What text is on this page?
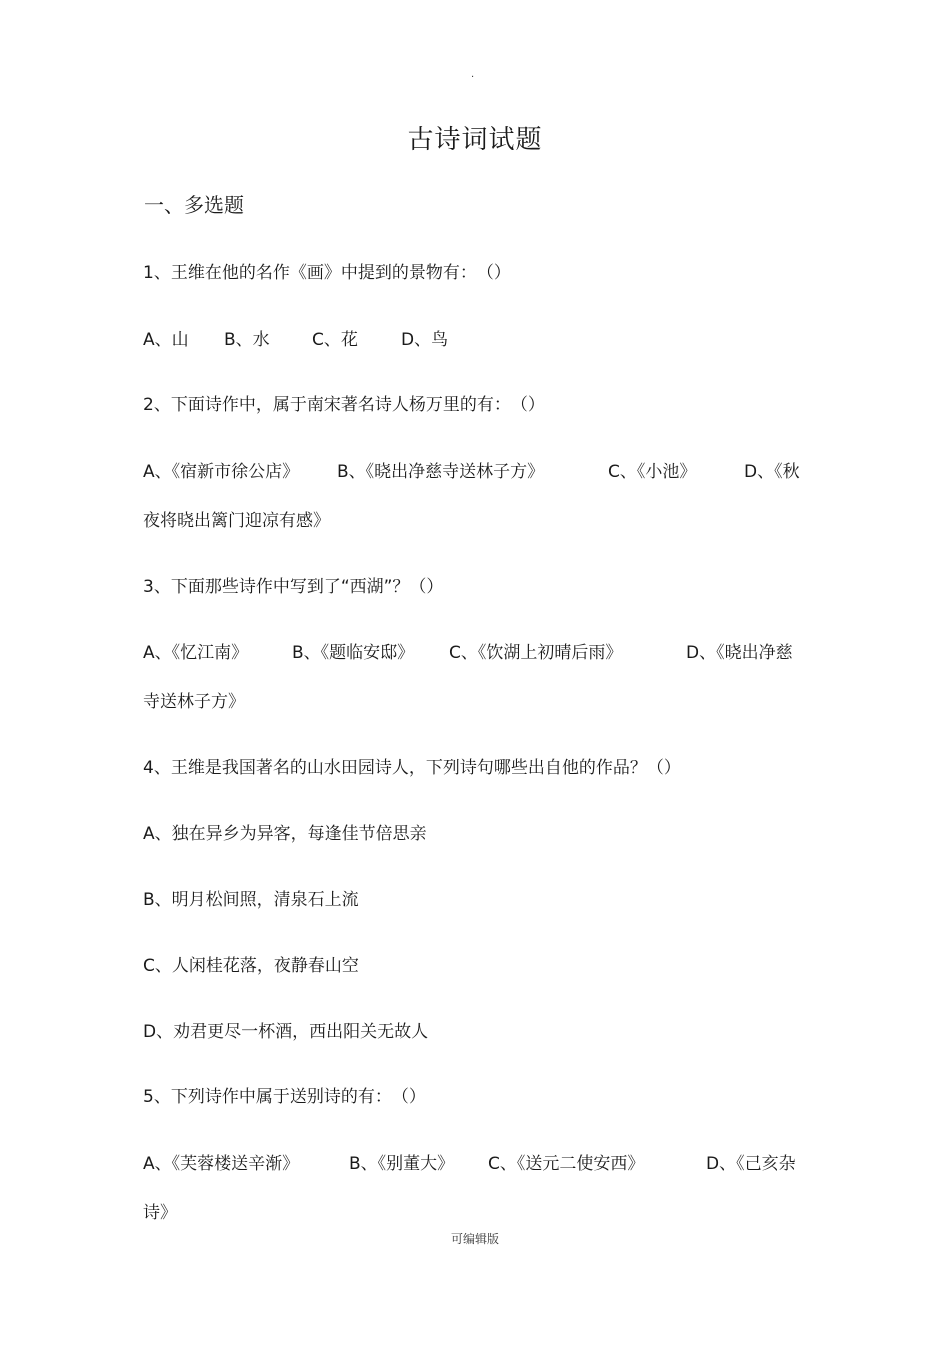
.
古诗词试题
一、多选题
1、王维在他的名作《画》中提到的景物有：　（）
A、山 B、水 C、花	D、鸟
2、下面诗作中，属于南宋著名诗人杨万里的有：　（）
A、《宿新市徐公店》 B、《晓出净慈寺送林子方》	C、《小池》	D、《秋
夜将晓出篱门迎凉有感》
3、下面那些诗作中写到了“西湖”？（）
A、《忆江南》	B、《题临安邸》 C、《饮湖上初晴后雨》	D、《晓出净慈
寺送林子方》
4、王维是我国著名的山水田园诗人，下列诗句哪些出自他的作品？（）
A、独在异乡为异客，每逢佳节倍思亲
B、明月松间照，清泉石上流
C、人闲桂花落，夜静春山空
D、劝君更尽一杯酒，西出阳关无故人
5、下列诗作中属于送别诗的有：　（）
A、《芙蓉楼送辛渐》	B、《别董大》 C、《送元二使安西》	D、《己亥杂
诗》
可编辑版
